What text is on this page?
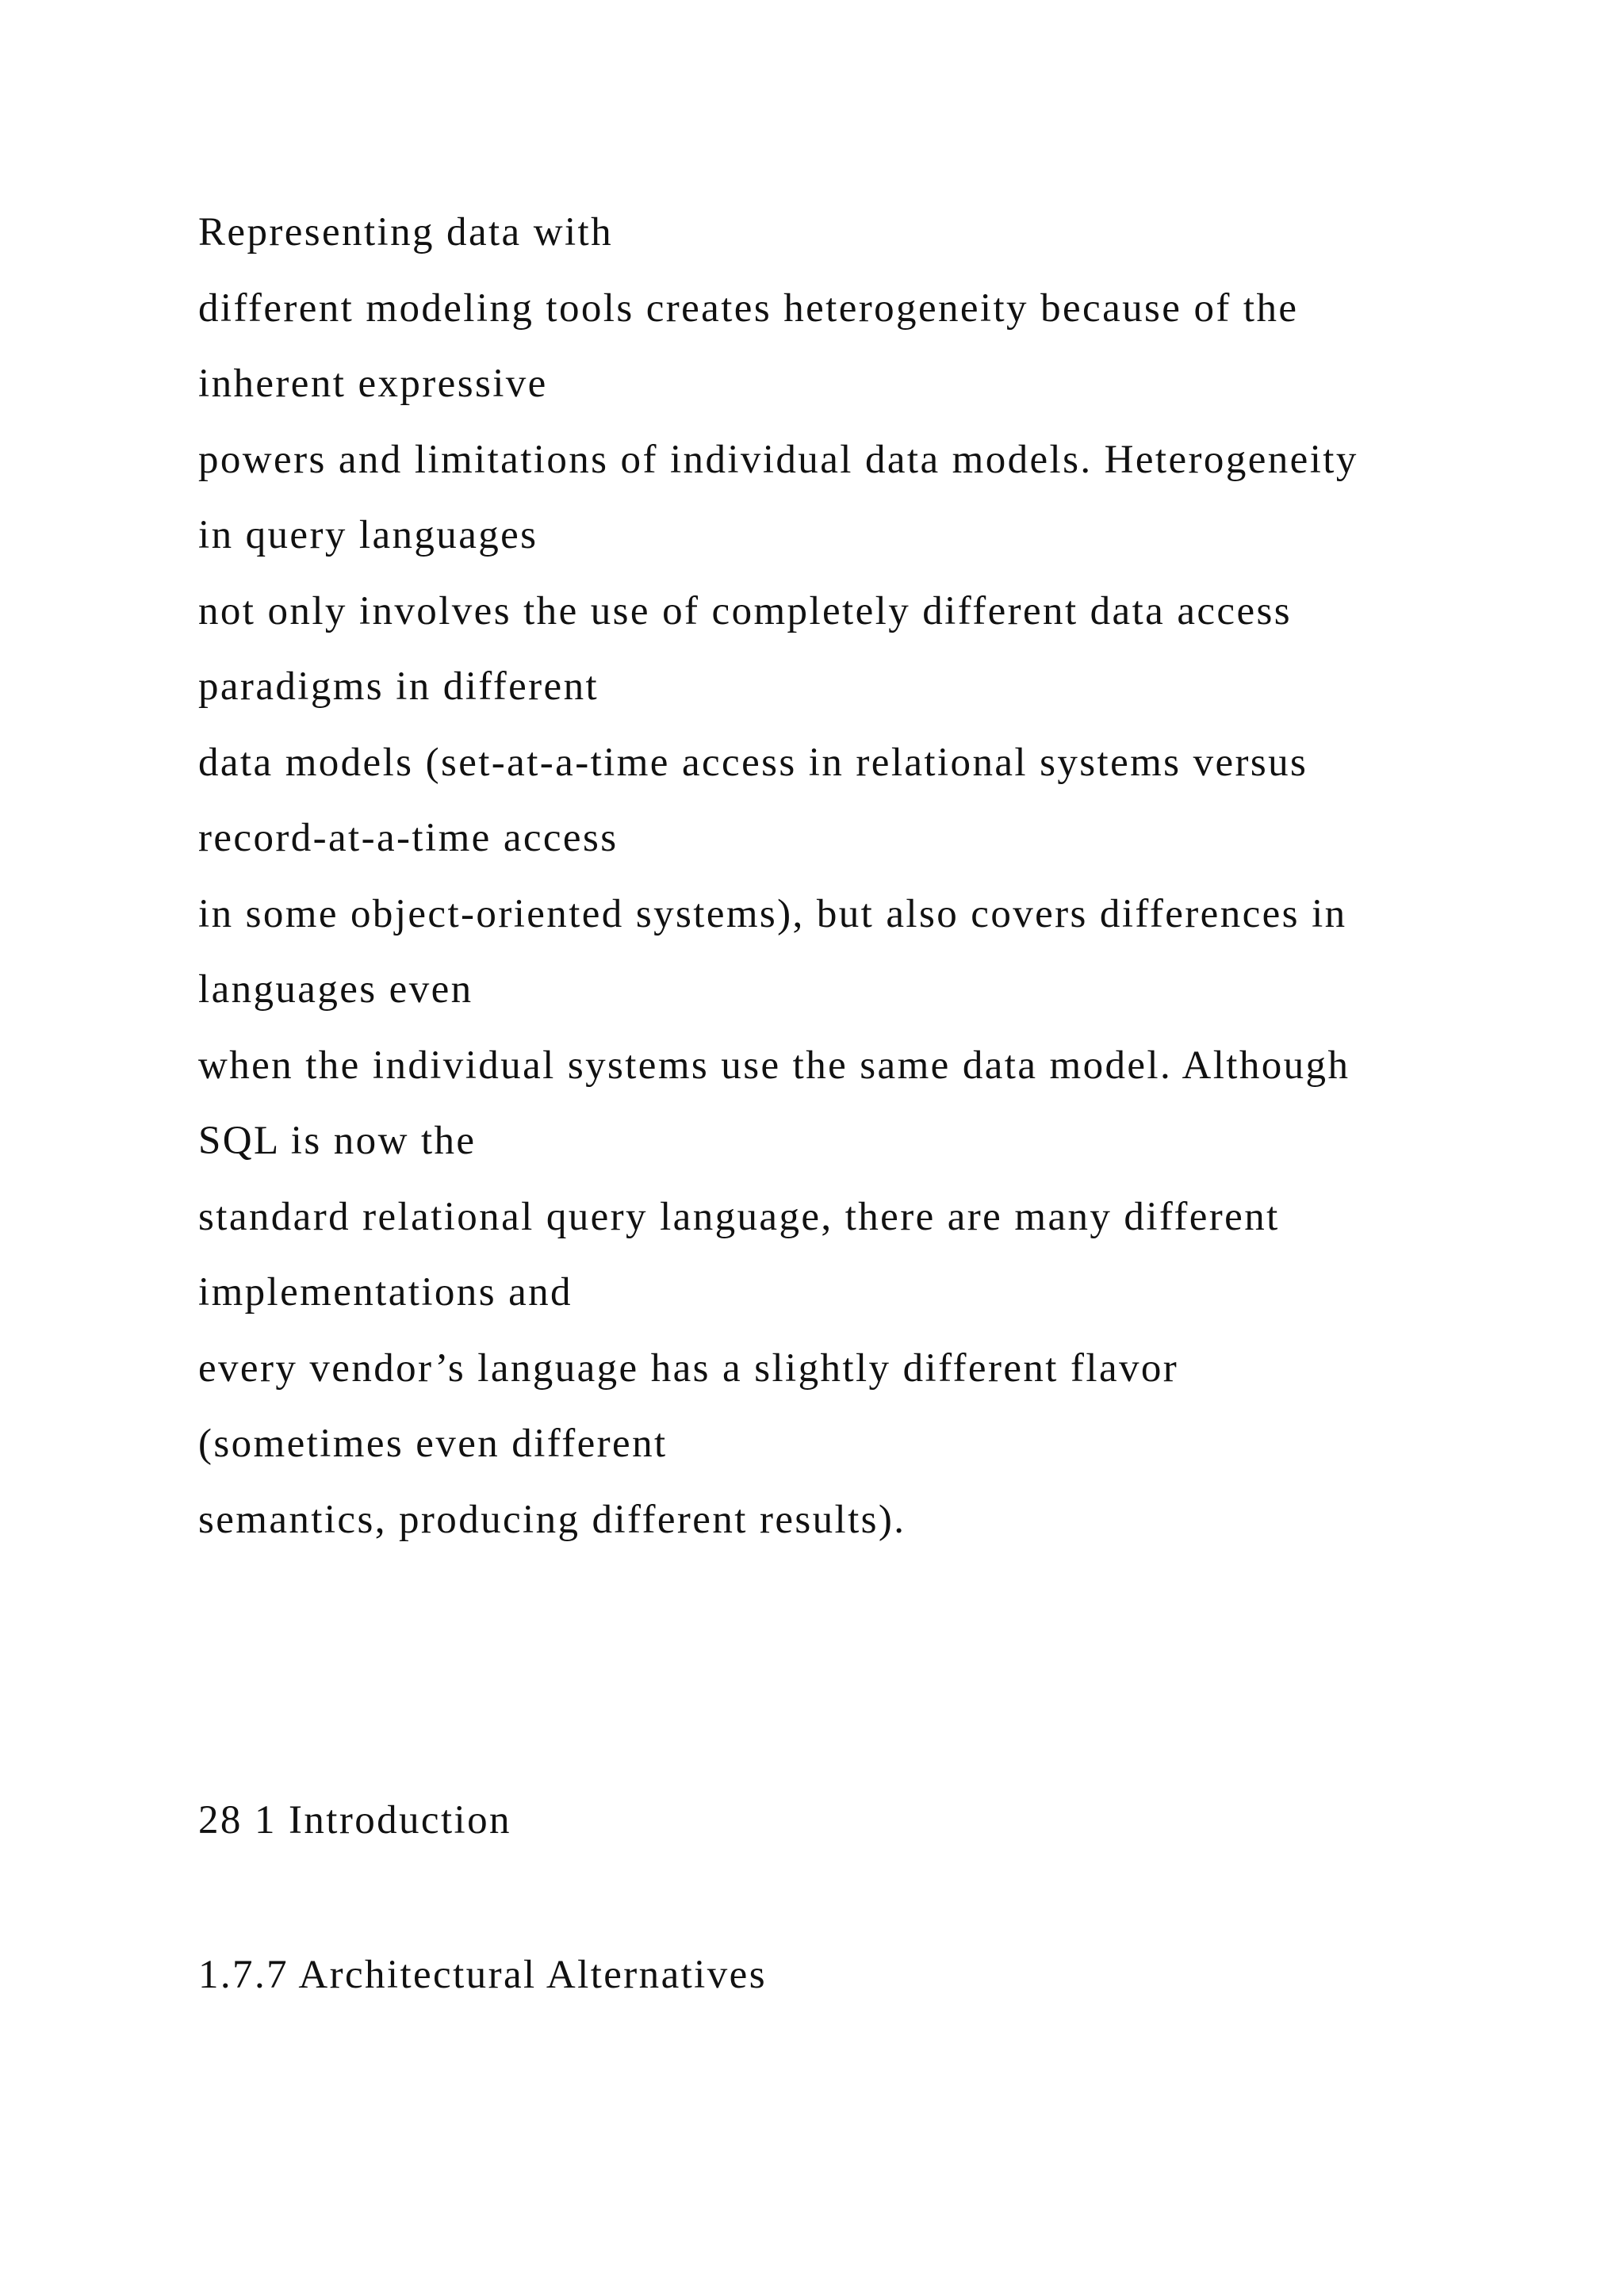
Representing data with
different modeling tools creates heterogeneity because of the
inherent expressive
powers and limitations of individual data models. Heterogeneity
in query languages
not only involves the use of completely different data access
paradigms in different
data models (set-at-a-time access in relational systems versus
record-at-a-time access
in some object-oriented systems), but also covers differences in
languages even
when the individual systems use the same data model. Although
SQL is now the
standard relational query language, there are many different
implementations and
every vendor’s language has a slightly different flavor
(sometimes even different
semantics, producing different results).
28 1 Introduction
1.7.7 Architectural Alternatives
